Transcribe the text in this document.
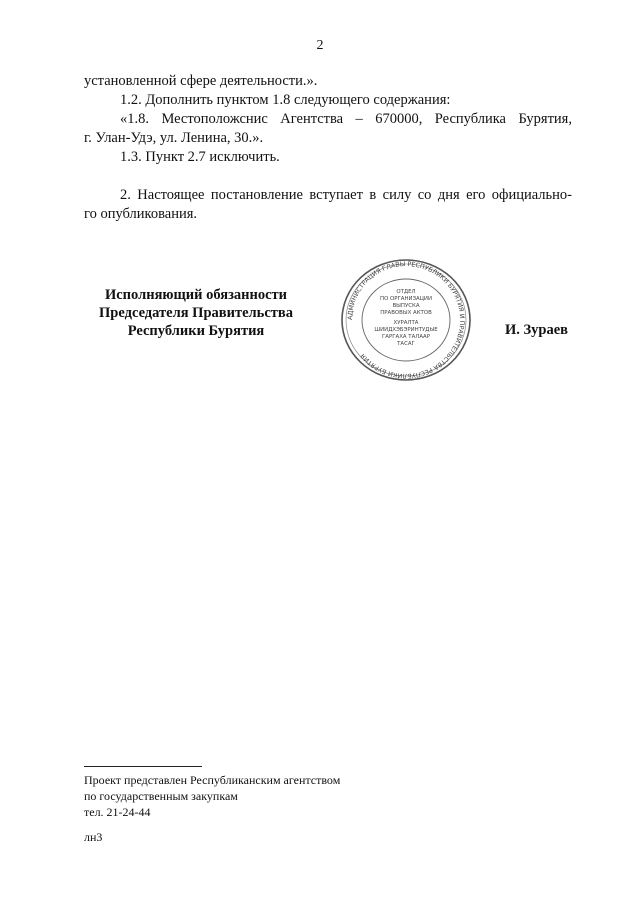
2
установленной сфере деятельности.».
1.2. Дополнить пунктом 1.8 следующего содержания:
«1.8. Местоположснис Агентства – 670000, Республика Бурятия,
г. Улан-Удэ, ул. Ленина, 30.».
1.3. Пункт 2.7 исключить.
2. Настоящее постановление вступает в силу со дня его официально-
го опубликования.
Исполняющий обязанности
Председателя Правительства
Республики Бурятия
АДМИНИСТРАЦИЯ ГЛАВЫ РЕСПУБЛИКИ БУРЯТИЯ И ПРАВИТЕЛЬСТВА РЕСПУБЛИКИ БУРЯТИЯ
ОТДЕЛ
ПО ОРГАНИЗАЦИИ
ВЫПУСКА
ПРАВОВЫХ АКТОВ
ХУРАЛТА
ШИИДХЭБЭРИНТУДЫЕ
ГАРГАХА ТАЛААР
ТАСАГ
И. Зураев
Проект представлен Республиканским агентством
по государственным закупкам
тел. 21-24-44
лн3
